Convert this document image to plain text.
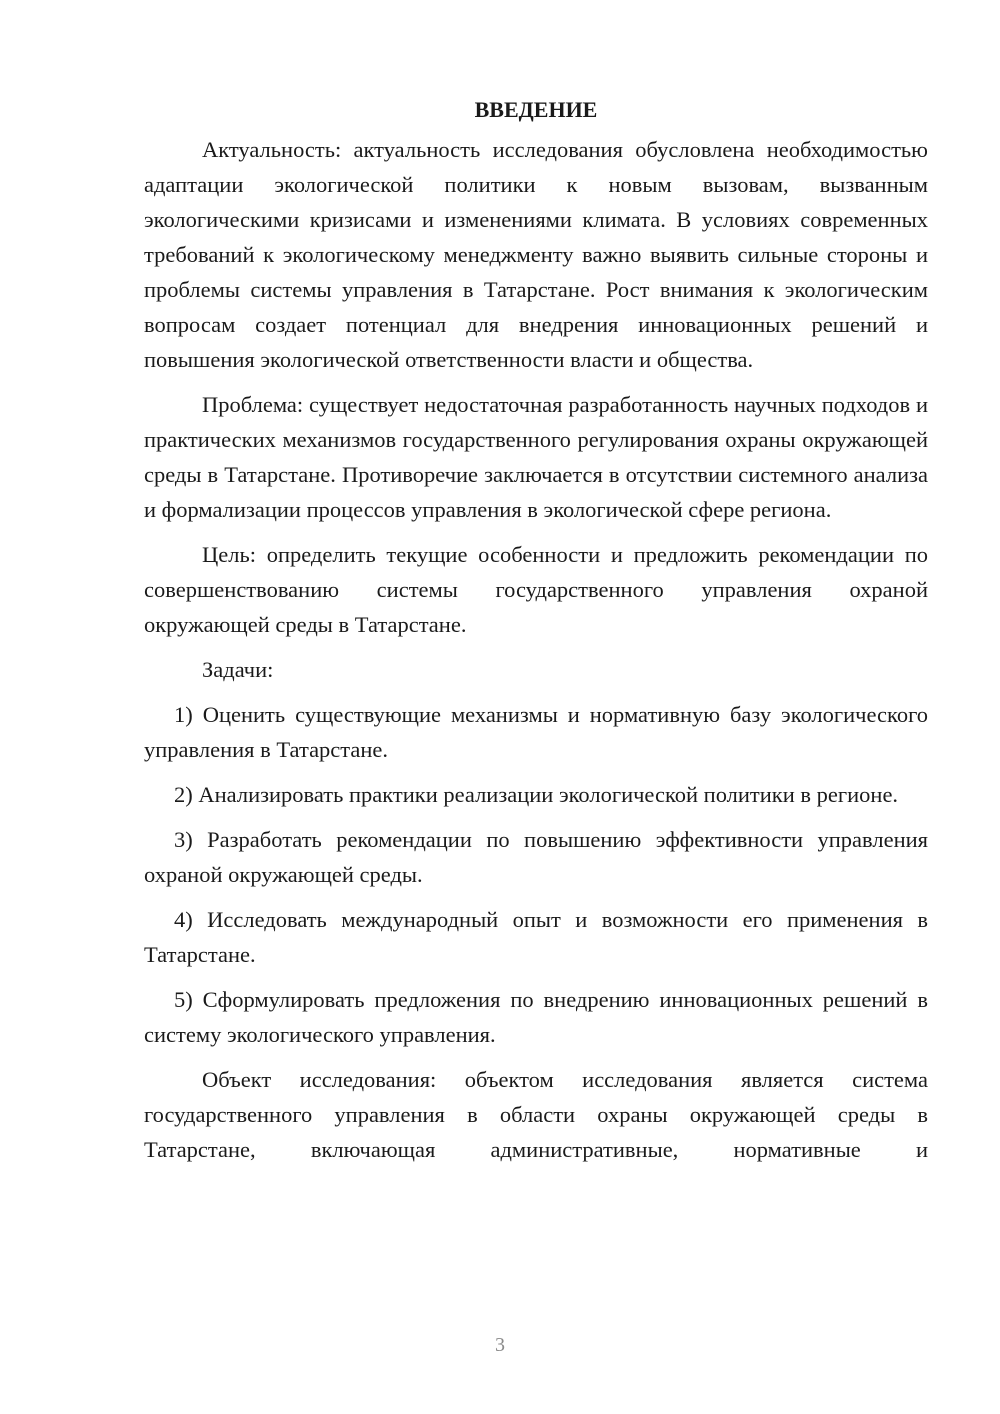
ВВЕДЕНИЕ

Актуальность: актуальность исследования обусловлена необходимостью адаптации экологической политики к новым вызовам, вызванным экологическими кризисами и изменениями климата. В условиях современных требований к экологическому менеджменту важно выявить сильные стороны и проблемы системы управления в Татарстане. Рост внимания к экологическим вопросам создает потенциал для внедрения инновационных решений и повышения экологической ответственности власти и общества.

Проблема: существует недостаточная разработанность научных подходов и практических механизмов государственного регулирования охраны окружающей среды в Татарстане. Противоречие заключается в отсутствии системного анализа и формализации процессов управления в экологической сфере региона.

Цель: определить текущие особенности и предложить рекомендации по совершенствованию системы государственного управления охраной окружающей среды в Татарстане.

Задачи:

1) Оценить существующие механизмы и нормативную базу экологического управления в Татарстане.

2) Анализировать практики реализации экологической политики в регионе.

3) Разработать рекомендации по повышению эффективности управления охраной окружающей среды.

4) Исследовать международный опыт и возможности его применения в Татарстане.

5) Сформулировать предложения по внедрению инновационных решений в систему экологического управления.

Объект исследования: объектом исследования является система государственного управления в области охраны окружающей среды в Татарстане, включающая административные, нормативные и

3
